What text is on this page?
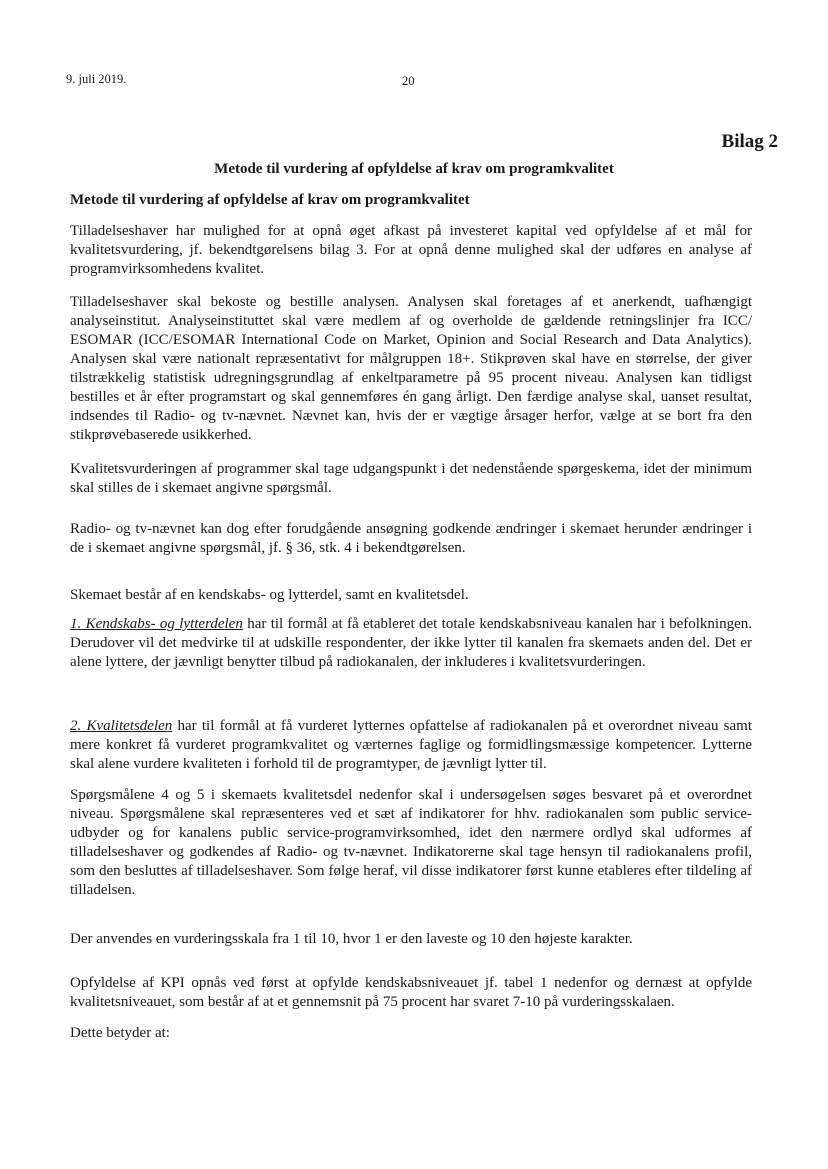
9. juli 2019.	20
Bilag 2
Metode til vurdering af opfyldelse af krav om programkvalitet
Metode til vurdering af opfyldelse af krav om programkvalitet

Tilladelseshaver har mulighed for at opnå øget afkast på investeret kapital ved opfyldelse af et mål for kvalitetsvurdering, jf. bekendtgørelsens bilag 3. For at opnå denne mulighed skal der udføres en analyse af programvirksomhedens kvalitet.

Tilladelseshaver skal bekoste og bestille analysen. Analysen skal foretages af et anerkendt, uafhængigt analyseinstitut. Analyseinstituttet skal være medlem af og overholde de gældende retningslinjer fra ICC/ ESOMAR (ICC/ESOMAR International Code on Market, Opinion and Social Research and Data Analytics). Analysen skal være nationalt repræsentativt for målgruppen 18+. Stikprøven skal have en størrelse, der giver tilstrækkelig statistisk udregningsgrundlag af enkeltparametre på 95 procent niveau. Analysen kan tidligst bestilles et år efter programstart og skal gennemføres én gang årligt. Den færdige analyse skal, uanset resultat, indsendes til Radio- og tv-nævnet. Nævnet kan, hvis der er vægtige årsager herfor, vælge at se bort fra den stikprøvebaserede usikkerhed.

Kvalitetsvurderingen af programmer skal tage udgangspunkt i det nedenstående spørgeskema, idet der minimum skal stilles de i skemaet angivne spørgsmål.

Radio- og tv-nævnet kan dog efter forudgående ansøgning godkende ændringer i skemaet herunder ændringer i de i skemaet angivne spørgsmål, jf. § 36, stk. 4 i bekendtgørelsen.

Skemaet består af en kendskabs- og lytterdel, samt en kvalitetsdel.

1. Kendskabs- og lytterdelen har til formål at få etableret det totale kendskabsniveau kanalen har i befolkningen. Derudover vil det medvirke til at udskille respondenter, der ikke lytter til kanalen fra skemaets anden del. Det er alene lyttere, der jævnligt benytter tilbud på radiokanalen, der inkluderes i kvalitetsvurderingen.

2. Kvalitetsdelen har til formål at få vurderet lytternes opfattelse af radiokanalen på et overordnet niveau samt mere konkret få vurderet programkvalitet og værternes faglige og formidlingsmæssige kompetencer. Lytterne skal alene vurdere kvaliteten i forhold til de programtyper, de jævnligt lytter til.

Spørgsmålene 4 og 5 i skemaets kvalitetsdel nedenfor skal i undersøgelsen søges besvaret på et overordnet niveau. Spørgsmålene skal repræsenteres ved et sæt af indikatorer for hhv. radiokanalen som public service-udbyder og for kanalens public service-programvirksomhed, idet den nærmere ordlyd skal udformes af tilladelseshaver og godkendes af Radio- og tv-nævnet. Indikatorerne skal tage hensyn til radiokanalens profil, som den besluttes af tilladelseshaver. Som følge heraf, vil disse indikatorer først kunne etableres efter tildeling af tilladelsen.

Der anvendes en vurderingsskala fra 1 til 10, hvor 1 er den laveste og 10 den højeste karakter.

Opfyldelse af KPI opnås ved først at opfylde kendskabsniveauet jf. tabel 1 nedenfor og dernæst at opfylde kvalitetsniveauet, som består af at et gennemsnit på 75 procent har svaret 7-10 på vurderingsskalaen.

Dette betyder at:
